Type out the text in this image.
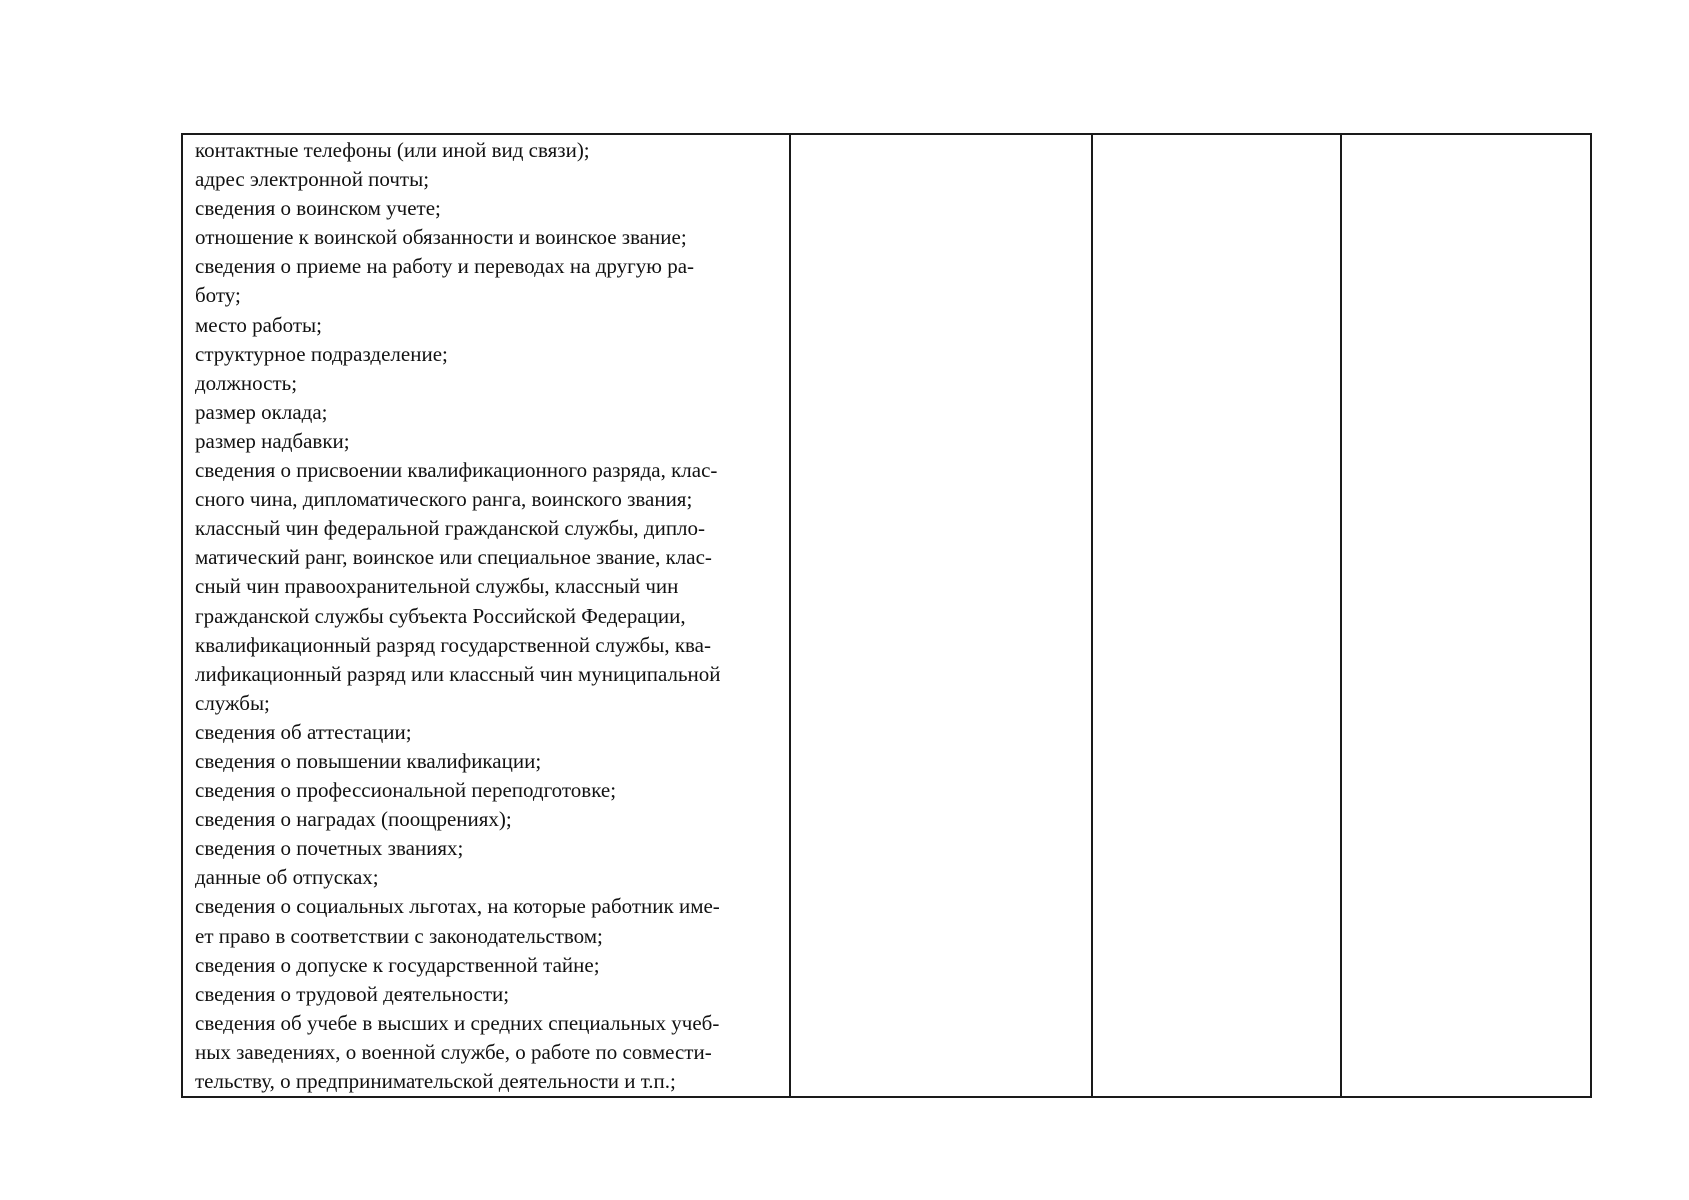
контактные телефоны (или иной вид связи);
адрес электронной почты;
сведения о воинском учете;
отношение к воинской обязанности и воинское звание;
сведения о приеме на работу и переводах на другую ра-
боту;
место работы;
структурное подразделение;
должность;
размер оклада;
размер надбавки;
сведения о присвоении квалификационного разряда, клас-
сного чина, дипломатического ранга, воинского звания;
классный чин федеральной гражданской службы, дипло-
матический ранг, воинское или специальное звание, клас-
сный чин правоохранительной службы, классный чин
гражданской службы субъекта Российской Федерации,
квалификационный разряд государственной службы, ква-
лификационный разряд или классный чин муниципальной
службы;
сведения об аттестации;
сведения о повышении квалификации;
сведения о профессиональной переподготовке;
сведения о наградах (поощрениях);
сведения о почетных званиях;
данные об отпусках;
сведения о социальных льготах, на которые работник име-
ет право в соответствии с законодательством;
сведения о допуске к государственной тайне;
сведения о трудовой деятельности;
сведения об учебе в высших и средних специальных учеб-
ных заведениях, о военной службе, о работе по совмести-
тельству, о предпринимательской деятельности и т.п.;
